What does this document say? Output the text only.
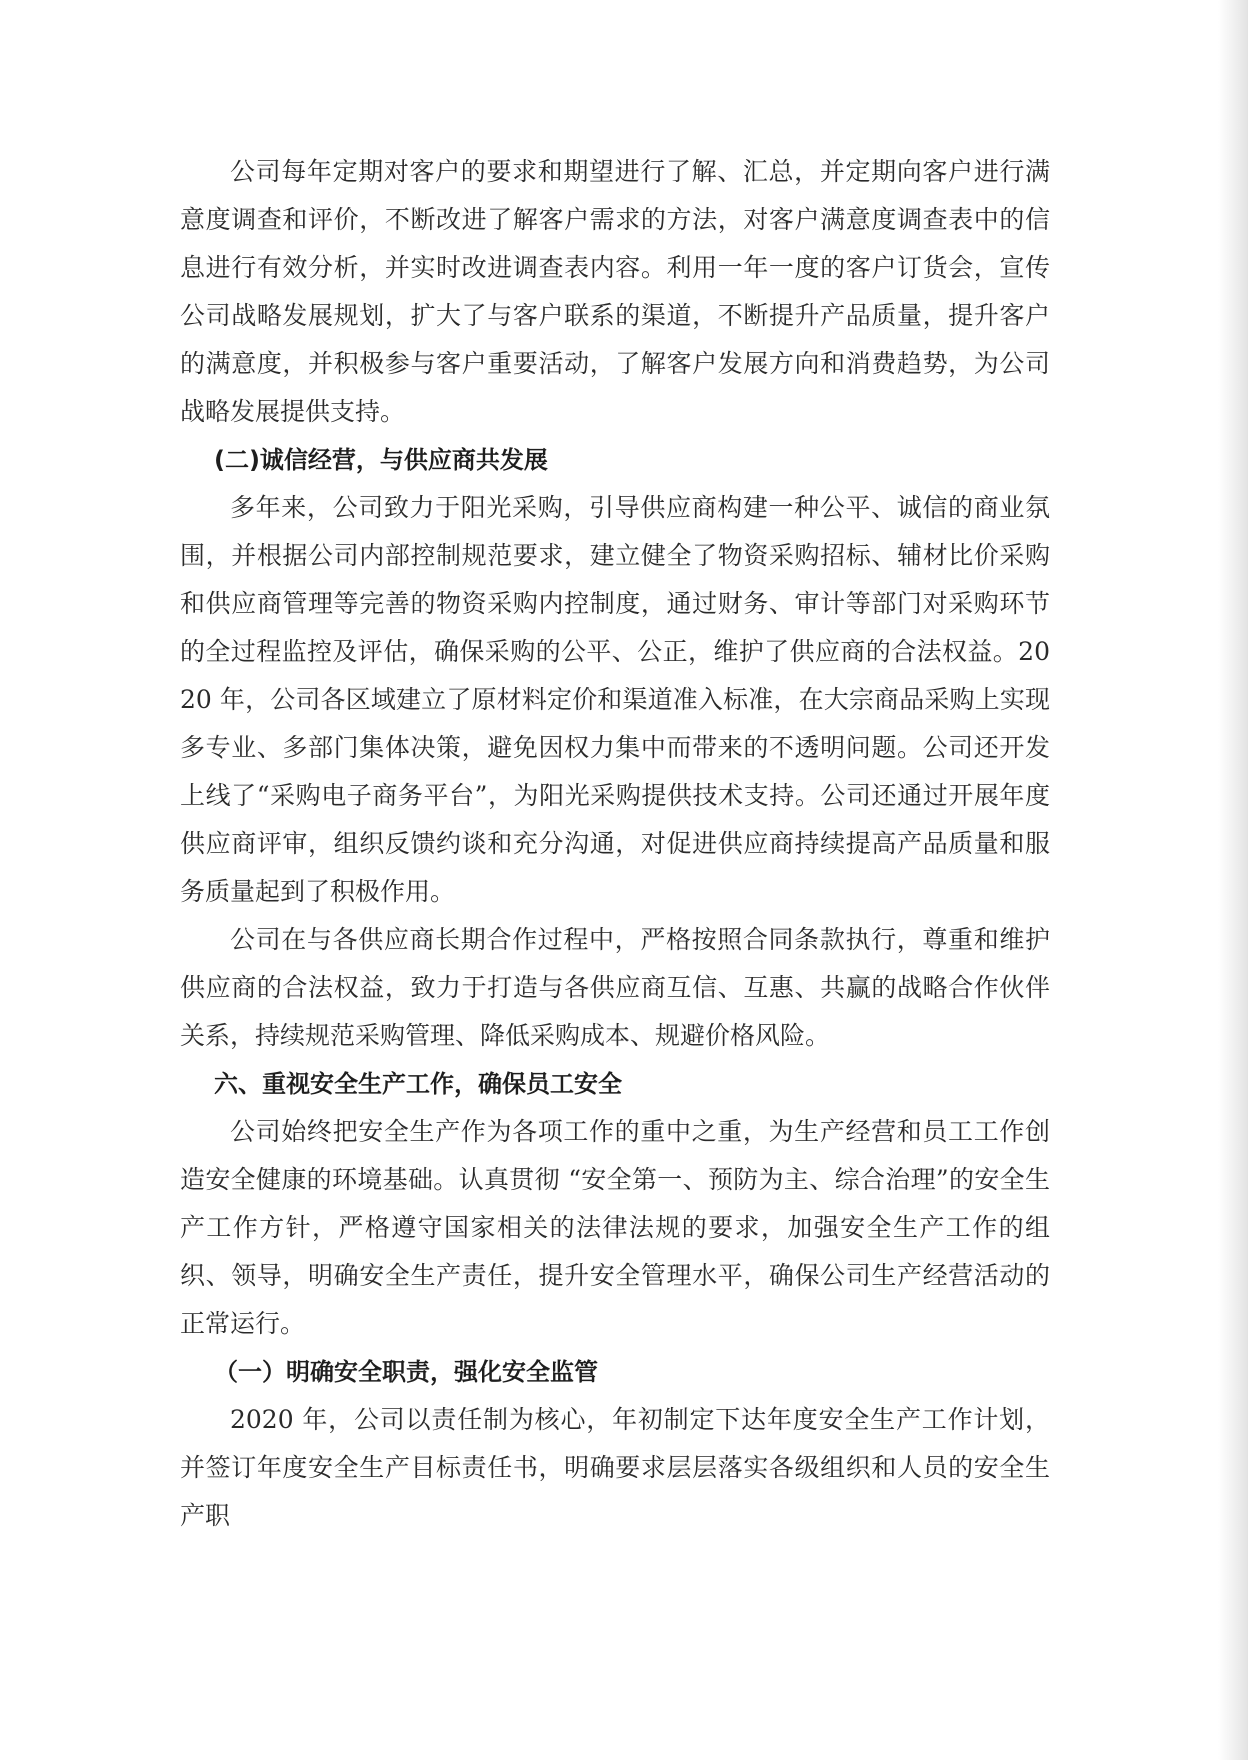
公司每年定期对客户的要求和期望进行了解、汇总，并定期向客户进行满意度调查和评价，不断改进了解客户需求的方法，对客户满意度调查表中的信息进行有效分析，并实时改进调查表内容。利用一年一度的客户订货会，宣传公司战略发展规划，扩大了与客户联系的渠道，不断提升产品质量，提升客户的满意度，并积极参与客户重要活动，了解客户发展方向和消费趋势，为公司战略发展提供支持。

(二)诚信经营，与供应商共发展

多年来，公司致力于阳光采购，引导供应商构建一种公平、诚信的商业氛围，并根据公司内部控制规范要求，建立健全了物资采购招标、辅材比价采购和供应商管理等完善的物资采购内控制度，通过财务、审计等部门对采购环节的全过程监控及评估，确保采购的公平、公正，维护了供应商的合法权益。2020 年，公司各区域建立了原材料定价和渠道准入标准，在大宗商品采购上实现多专业、多部门集体决策，避免因权力集中而带来的不透明问题。公司还开发上线了“采购电子商务平台”，为阳光采购提供技术支持。公司还通过开展年度供应商评审，组织反馈约谈和充分沟通，对促进供应商持续提高产品质量和服务质量起到了积极作用。

公司在与各供应商长期合作过程中，严格按照合同条款执行，尊重和维护供应商的合法权益，致力于打造与各供应商互信、互惠、共赢的战略合作伙伴关系，持续规范采购管理、降低采购成本、规避价格风险。

六、重视安全生产工作，确保员工安全

公司始终把安全生产作为各项工作的重中之重，为生产经营和员工工作创造安全健康的环境基础。认真贯彻 “安全第一、预防为主、综合治理”的安全生产工作方针，严格遵守国家相关的法律法规的要求，加强安全生产工作的组织、领导，明确安全生产责任，提升安全管理水平，确保公司生产经营活动的正常运行。

（一）明确安全职责，强化安全监管

2020 年，公司以责任制为核心，年初制定下达年度安全生产工作计划，并签订年度安全生产目标责任书，明确要求层层落实各级组织和人员的安全生产职
